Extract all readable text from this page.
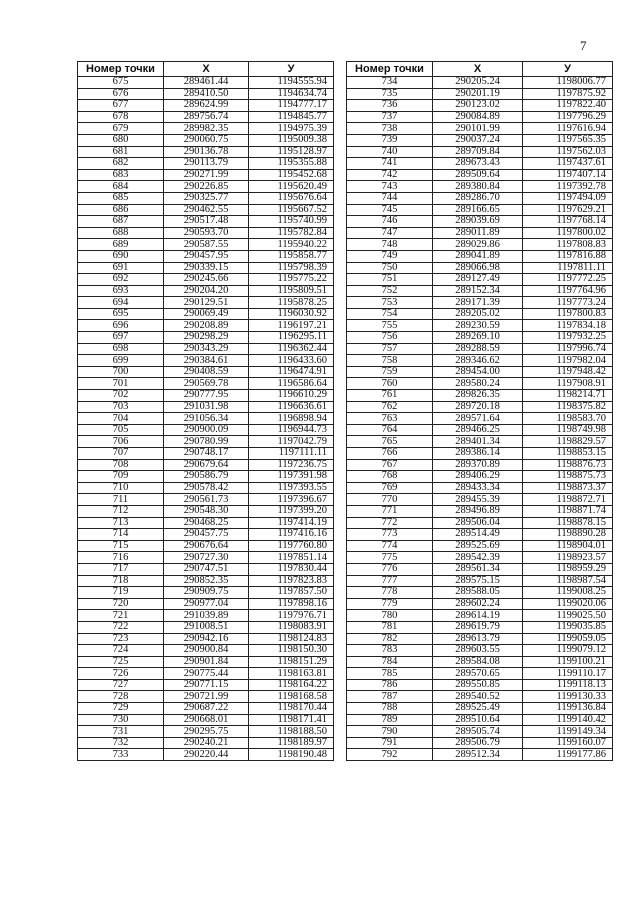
7
Номер точки	X	У
675	289461.44	1194555.94
676	289410.50	1194634.74
677	289624.99	1194777.17
678	289756.74	1194845.77
679	289982.35	1194975.39
680	290060.75	1195009.38
681	290136.78	1195128.97
682	290113.79	1195355.88
683	290271.99	1195452.68
684	290226.85	1195620.49
685	290325.77	1195676.64
686	290462.55	1195667.52
687	290517.48	1195740.99
688	290593.70	1195782.84
689	290587.55	1195940.22
690	290457.95	1195858.77
691	290339.15	1195798.39
692	290245.66	1195775.22
693	290204.20	1195809.51
694	290129.51	1195878.25
695	290069.49	1196030.92
696	290208.89	1196197.21
697	290298.29	1196295.11
698	290343.29	1196362.44
699	290384.61	1196433.60
700	290408.59	1196474.91
701	290569.78	1196586.64
702	290777.95	1196610.29
703	291031.98	1196636.61
704	291056.34	1196898.94
705	290900.09	1196944.73
706	290780.99	1197042.79
707	290748.17	1197111.11
708	290679.64	1197236.75
709	290586.79	1197391.98
710	290578.42	1197393.55
711	290561.73	1197396.67
712	290548.30	1197399.20
713	290468.25	1197414.19
714	290457.75	1197416.16
715	290676.64	1197760.80
716	290727.30	1197851.14
717	290747.51	1197830.44
718	290852.35	1197823.83
719	290909.75	1197857.50
720	290977.04	1197898.16
721	291039.89	1197976.71
722	291008.51	1198083.91
723	290942.16	1198124.83
724	290900.84	1198150.30
725	290901.84	1198151.29
726	290775.44	1198163.81
727	290771.15	1198164.22
728	290721.99	1198168.58
729	290687.22	1198170.44
730	290668.01	1198171.41
731	290295.75	1198188.50
732	290240.21	1198189.97
733	290220.44	1198190.48
Номер точки	X	У
734	290205.24	1198006.77
735	290201.19	1197875.92
736	290123.02	1197822.40
737	290084.89	1197796.29
738	290101.99	1197616.94
739	290037.24	1197565.35
740	289709.84	1197562.03
741	289673.43	1197437.61
742	289509.64	1197407.14
743	289380.84	1197392.78
744	289286.70	1197494.09
745	289166.65	1197629.21
746	289039.69	1197768.14
747	289011.89	1197800.02
748	289029.86	1197808.83
749	289041.89	1197816.88
750	289066.98	1197811.11
751	289127.49	1197772.25
752	289152.34	1197764.96
753	289171.39	1197773.24
754	289205.02	1197800.83
755	289230.59	1197834.18
756	289269.10	1197932.25
757	289288.59	1197996.74
758	289346.62	1197982.04
759	289454.00	1197948.42
760	289580.24	1197908.91
761	289826.35	1198214.71
762	289720.18	1198375.82
763	289571.64	1198583.70
764	289466.25	1198749.98
765	289401.34	1198829.57
766	289386.14	1198853.15
767	289370.89	1198876.73
768	289406.29	1198875.73
769	289433.34	1198873.37
770	289455.39	1198872.71
771	289496.89	1198871.74
772	289506.04	1198878.15
773	289514.49	1198890.28
774	289525.69	1198904.01
775	289542.39	1198923.57
776	289561.34	1198959.29
777	289575.15	1198987.54
778	289588.05	1199008.25
779	289602.24	1199020.06
780	289614.19	1199025.50
781	289619.79	1199035.85
782	289613.79	1199059.05
783	289603.55	1199079.12
784	289584.08	1199100.21
785	289570.65	1199110.17
786	289550.85	1199118.13
787	289540.52	1199130.33
788	289525.49	1199136.84
789	289510.64	1199140.42
790	289505.74	1199149.34
791	289506.79	1199160.07
792	289512.34	1199177.86
